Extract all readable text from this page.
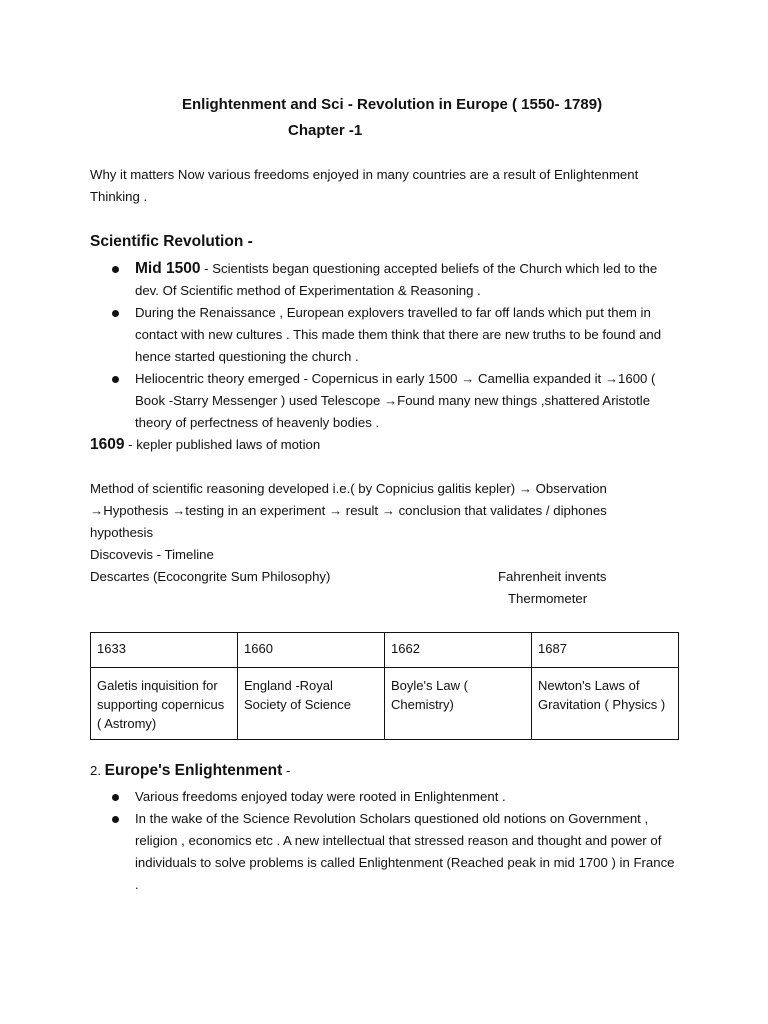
Enlightenment and Sci - Revolution in Europe ( 1550- 1789)
Chapter -1
Why it matters Now various freedoms enjoyed in many countries are a result of Enlightenment Thinking .
Scientific Revolution -
Mid 1500 - Scientists began questioning accepted beliefs of the Church which led to the dev. Of Scientific method of Experimentation & Reasoning .
During the Renaissance , European explovers travelled to far off lands which put them in contact with new cultures . This made them think that there are new truths to be found and hence started questioning the church .
Heliocentric theory emerged - Copernicus in early 1500 → Camellia expanded it →1600 ( Book -Starry Messenger ) used Telescope →Found many new things ,shattered Aristotle theory of perfectness of heavenly bodies .
1609 - kepler published laws of motion
Method of scientific reasoning developed i.e.( by Copnicius galitis kepler) → Observation
→Hypothesis →testing in an experiment → result → conclusion that validates / diphones
hypothesis
Discovevis - Timeline
Descartes (Ecocongrite Sum Philosophy)	Fahrenheit invents
Thermometer
1633	1660	1662	1687
Galetis inquisition for supporting copernicus ( Astromy)	England -Royal Society of Science	Boyle's Law ( Chemistry)	Newton's Laws of Gravitation ( Physics )
2. Europe's Enlightenment -
Various freedoms enjoyed today were rooted in Enlightenment .
In the wake of the Science Revolution Scholars questioned old notions on Government , religion , economics etc . A new intellectual that stressed reason and thought and power of individuals to solve problems is called Enlightenment (Reached peak in mid 1700 ) in France .
